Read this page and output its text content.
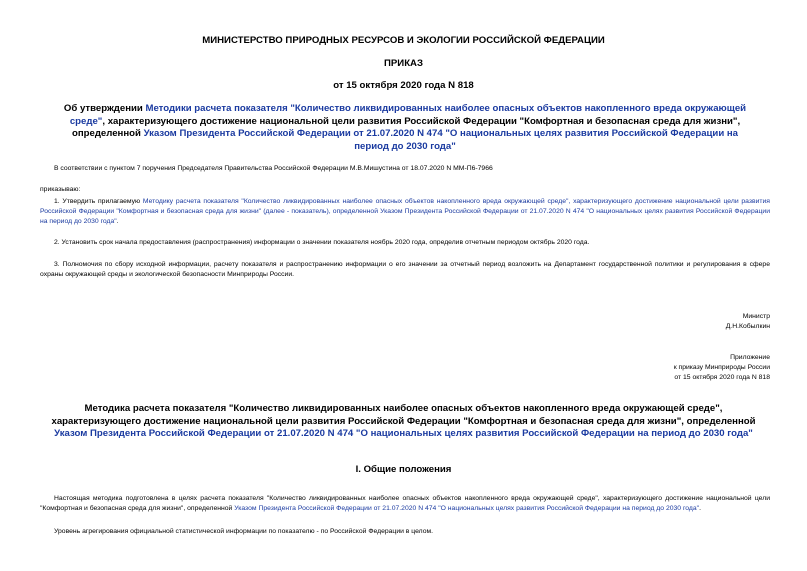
МИНИСТЕРСТВО ПРИРОДНЫХ РЕСУРСОВ И ЭКОЛОГИИ РОССИЙСКОЙ ФЕДЕРАЦИИ
ПРИКАЗ
от 15 октября 2020 года N 818
Об утверждении Методики расчета показателя "Количество ликвидированных наиболее опасных объектов накопленного вреда окружающей среде", характеризующего достижение национальной цели развития Российской Федерации "Комфортная и безопасная среда для жизни", определенной Указом Президента Российской Федерации от 21.07.2020 N 474 "О национальных целях развития Российской Федерации на период до 2030 года"
В соответствии с пунктом 7 поручения Председателя Правительства Российской Федерации М.В.Мишустина от 18.07.2020 N ММ-П6-7966
приказываю:
1. Утвердить прилагаемую Методику расчета показателя "Количество ликвидированных наиболее опасных объектов накопленного вреда окружающей среде", характеризующего достижение национальной цели развития Российской Федерации "Комфортная и безопасная среда для жизни" (далее - показатель), определенной Указом Президента Российской Федерации от 21.07.2020 N 474 "О национальных целях развития Российской Федерации на период до 2030 года".
2. Установить срок начала предоставления (распространения) информации о значении показателя ноябрь 2020 года, определив отчетным периодом октябрь 2020 года.
3. Полномочия по сбору исходной информации, расчету показателя и распространению информации о его значении за отчетный период возложить на Департамент государственной политики и регулирования в сфере охраны окружающей среды и экологической безопасности Минприроды России.
Министр
Д.Н.Кобылкин
Приложение
к приказу Минприроды России
от 15 октября 2020 года N 818
Методика расчета показателя "Количество ликвидированных наиболее опасных объектов накопленного вреда окружающей среде", характеризующего достижение национальной цели развития Российской Федерации "Комфортная и безопасная среда для жизни", определенной Указом Президента Российской Федерации от 21.07.2020 N 474 "О национальных целях развития Российской Федерации на период до 2030 года"
I. Общие положения
Настоящая методика подготовлена в целях расчета показателя "Количество ликвидированных наиболее опасных объектов накопленного вреда окружающей среде", характеризующего достижение национальной цели "Комфортная и безопасная среда для жизни", определенной Указом Президента Российской Федерации от 21.07.2020 N 474 "О национальных целях развития Российской Федерации на период до 2030 года".
Уровень агрегирования официальной статистической информации по показателю - по Российской Федерации в целом.
